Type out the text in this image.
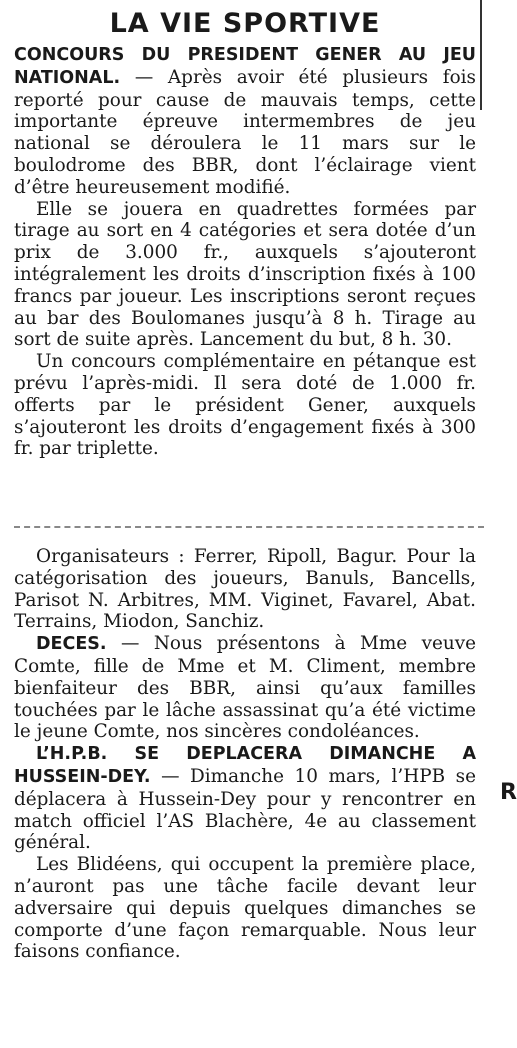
LA VIE SPORTIVE

CONCOURS DU PRESIDENT GENER AU JEU NATIONAL. — Après avoir été plusieurs fois reporté pour cause de mauvais temps, cette importante épreuve intermembres de jeu national se déroulera le 11 mars sur le boulodrome des BBR, dont l’éclairage vient d’être heureusement modifié.

Elle se jouera en quadrettes formées par tirage au sort en 4 catégories et sera dotée d’un prix de 3.000 fr., auxquels s’ajouteront intégralement les droits d’inscription fixés à 100 francs par joueur. Les inscriptions seront reçues au bar des Boulomanes jusqu’à 8 h. Tirage au sort de suite après. Lancement du but, 8 h. 30.

Un concours complémentaire en pétanque est prévu l’après-midi. Il sera doté de 1.000 fr. offerts par le président Gener, auxquels s’ajouteront les droits d’engagement fixés à 300 fr. par triplette.

Organisateurs : Ferrer, Ripoll, Bagur. Pour la catégorisation des joueurs, Banuls, Bancells, Parisot N. Arbitres, MM. Viginet, Favarel, Abat. Terrains, Miodon, Sanchiz.

DECES. — Nous présentons à Mme veuve Comte, fille de Mme et M. Climent, membre bienfaiteur des BBR, ainsi qu’aux familles touchées par le lâche assassinat qu’a été victime le jeune Comte, nos sincères condoléances.

L’H.P.B. SE DEPLACERA DIMANCHE A HUSSEIN-DEY. — Dimanche 10 mars, l’HPB se déplacera à Hussein-Dey pour y rencontrer en match officiel l’AS Blachère, 4e au classement général.

Les Blidéens, qui occupent la première place, n’auront pas une tâche facile devant leur adversaire qui depuis quelques dimanches se comporte d’une façon remarquable. Nous leur faisons confiance.

R
